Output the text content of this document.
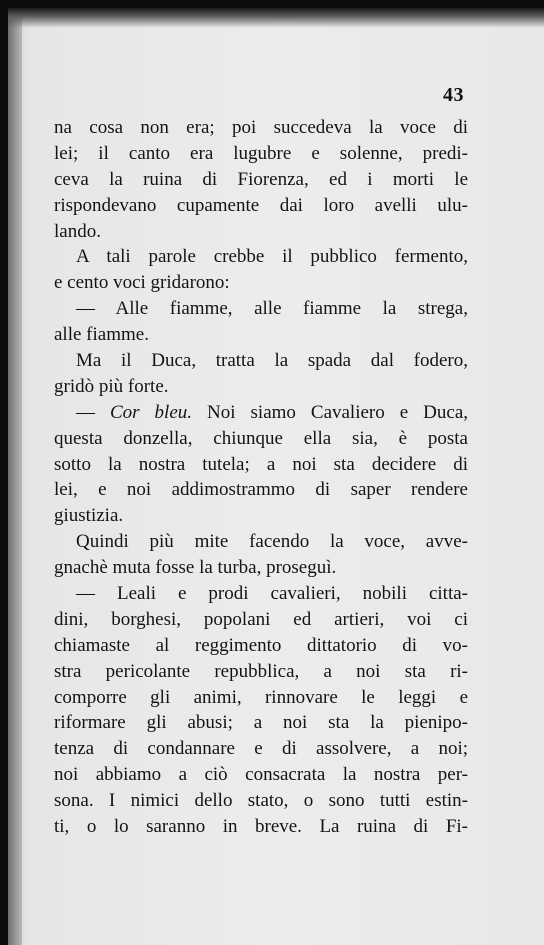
43
na cosa non era; poi succedeva la voce di
lei; il canto era lugubre e solenne, predi-
ceva la ruina di Fiorenza, ed i morti le
rispondevano cupamente dai loro avelli ulu-
lando.
A tali parole crebbe il pubblico fermento,
e cento voci gridarono:
— Alle fiamme, alle fiamme la strega,
alle fiamme.
Ma il Duca, tratta la spada dal fodero,
gridò più forte.
— Cor bleu. Noi siamo Cavaliero e Duca,
questa donzella, chiunque ella sia, è posta
sotto la nostra tutela; a noi sta decidere di
lei, e noi addimostrammo di saper rendere
giustizia.
Quindi più mite facendo la voce, avve-
gnachè muta fosse la turba, proseguì.
— Leali e prodi cavalieri, nobili citta-
dini, borghesi, popolani ed artieri, voi ci
chiamaste al reggimento dittatorio di vo-
stra pericolante repubblica, a noi sta ri-
comporre gli animi, rinnovare le leggi e
riformare gli abusi; a noi sta la pienipo-
tenza di condannare e di assolvere, a noi;
noi abbiamo a ciò consacrata la nostra per-
sona. I nimici dello stato, o sono tutti estin-
ti, o lo saranno in breve. La ruina di Fi-
